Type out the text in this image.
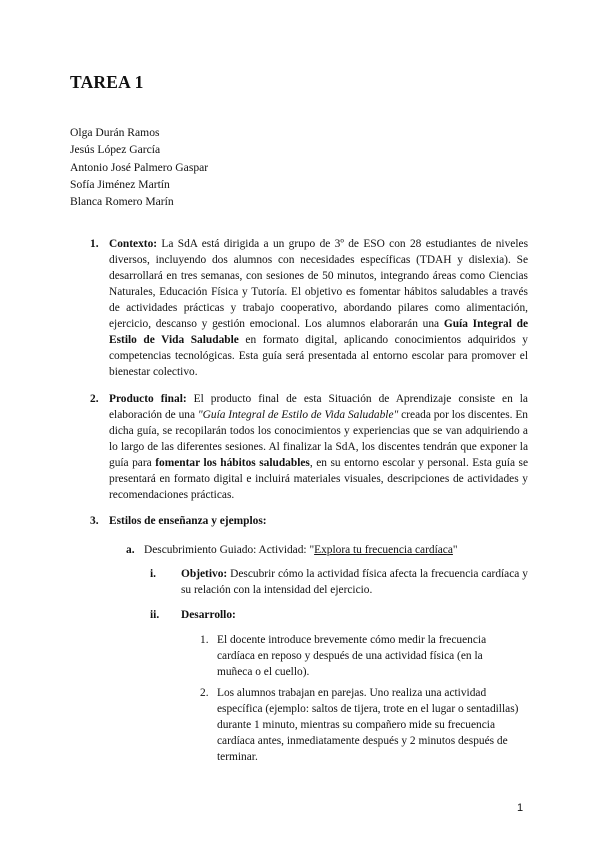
TAREA 1
Olga Durán Ramos
Jesús López García
Antonio José Palmero Gaspar
Sofía Jiménez Martín
Blanca Romero Marín
1. Contexto: La SdA está dirigida a un grupo de 3º de ESO con 28 estudiantes de niveles diversos, incluyendo dos alumnos con necesidades específicas (TDAH y dislexia). Se desarrollará en tres semanas, con sesiones de 50 minutos, integrando áreas como Ciencias Naturales, Educación Física y Tutoría. El objetivo es fomentar hábitos saludables a través de actividades prácticas y trabajo cooperativo, abordando pilares como alimentación, ejercicio, descanso y gestión emocional. Los alumnos elaborarán una Guía Integral de Estilo de Vida Saludable en formato digital, aplicando conocimientos adquiridos y competencias tecnológicas. Esta guía será presentada al entorno escolar para promover el bienestar colectivo.
2. Producto final: El producto final de esta Situación de Aprendizaje consiste en la elaboración de una "Guía Integral de Estilo de Vida Saludable" creada por los discentes. En dicha guía, se recopilarán todos los conocimientos y experiencias que se van adquiriendo a lo largo de las diferentes sesiones. Al finalizar la SdA, los discentes tendrán que exponer la guía para fomentar los hábitos saludables, en su entorno escolar y personal. Esta guía se presentará en formato digital e incluirá materiales visuales, descripciones de actividades y recomendaciones prácticas.
3. Estilos de enseñanza y ejemplos:
a. Descubrimiento Guiado: Actividad: "Explora tu frecuencia cardíaca"
i. Objetivo: Descubrir cómo la actividad física afecta la frecuencia cardíaca y su relación con la intensidad del ejercicio.
ii. Desarrollo:
1. El docente introduce brevemente cómo medir la frecuencia cardíaca en reposo y después de una actividad física (en la muñeca o el cuello).
2. Los alumnos trabajan en parejas. Uno realiza una actividad específica (ejemplo: saltos de tijera, trote en el lugar o sentadillas) durante 1 minuto, mientras su compañero mide su frecuencia cardíaca antes, inmediatamente después y 2 minutos después de terminar.
1
